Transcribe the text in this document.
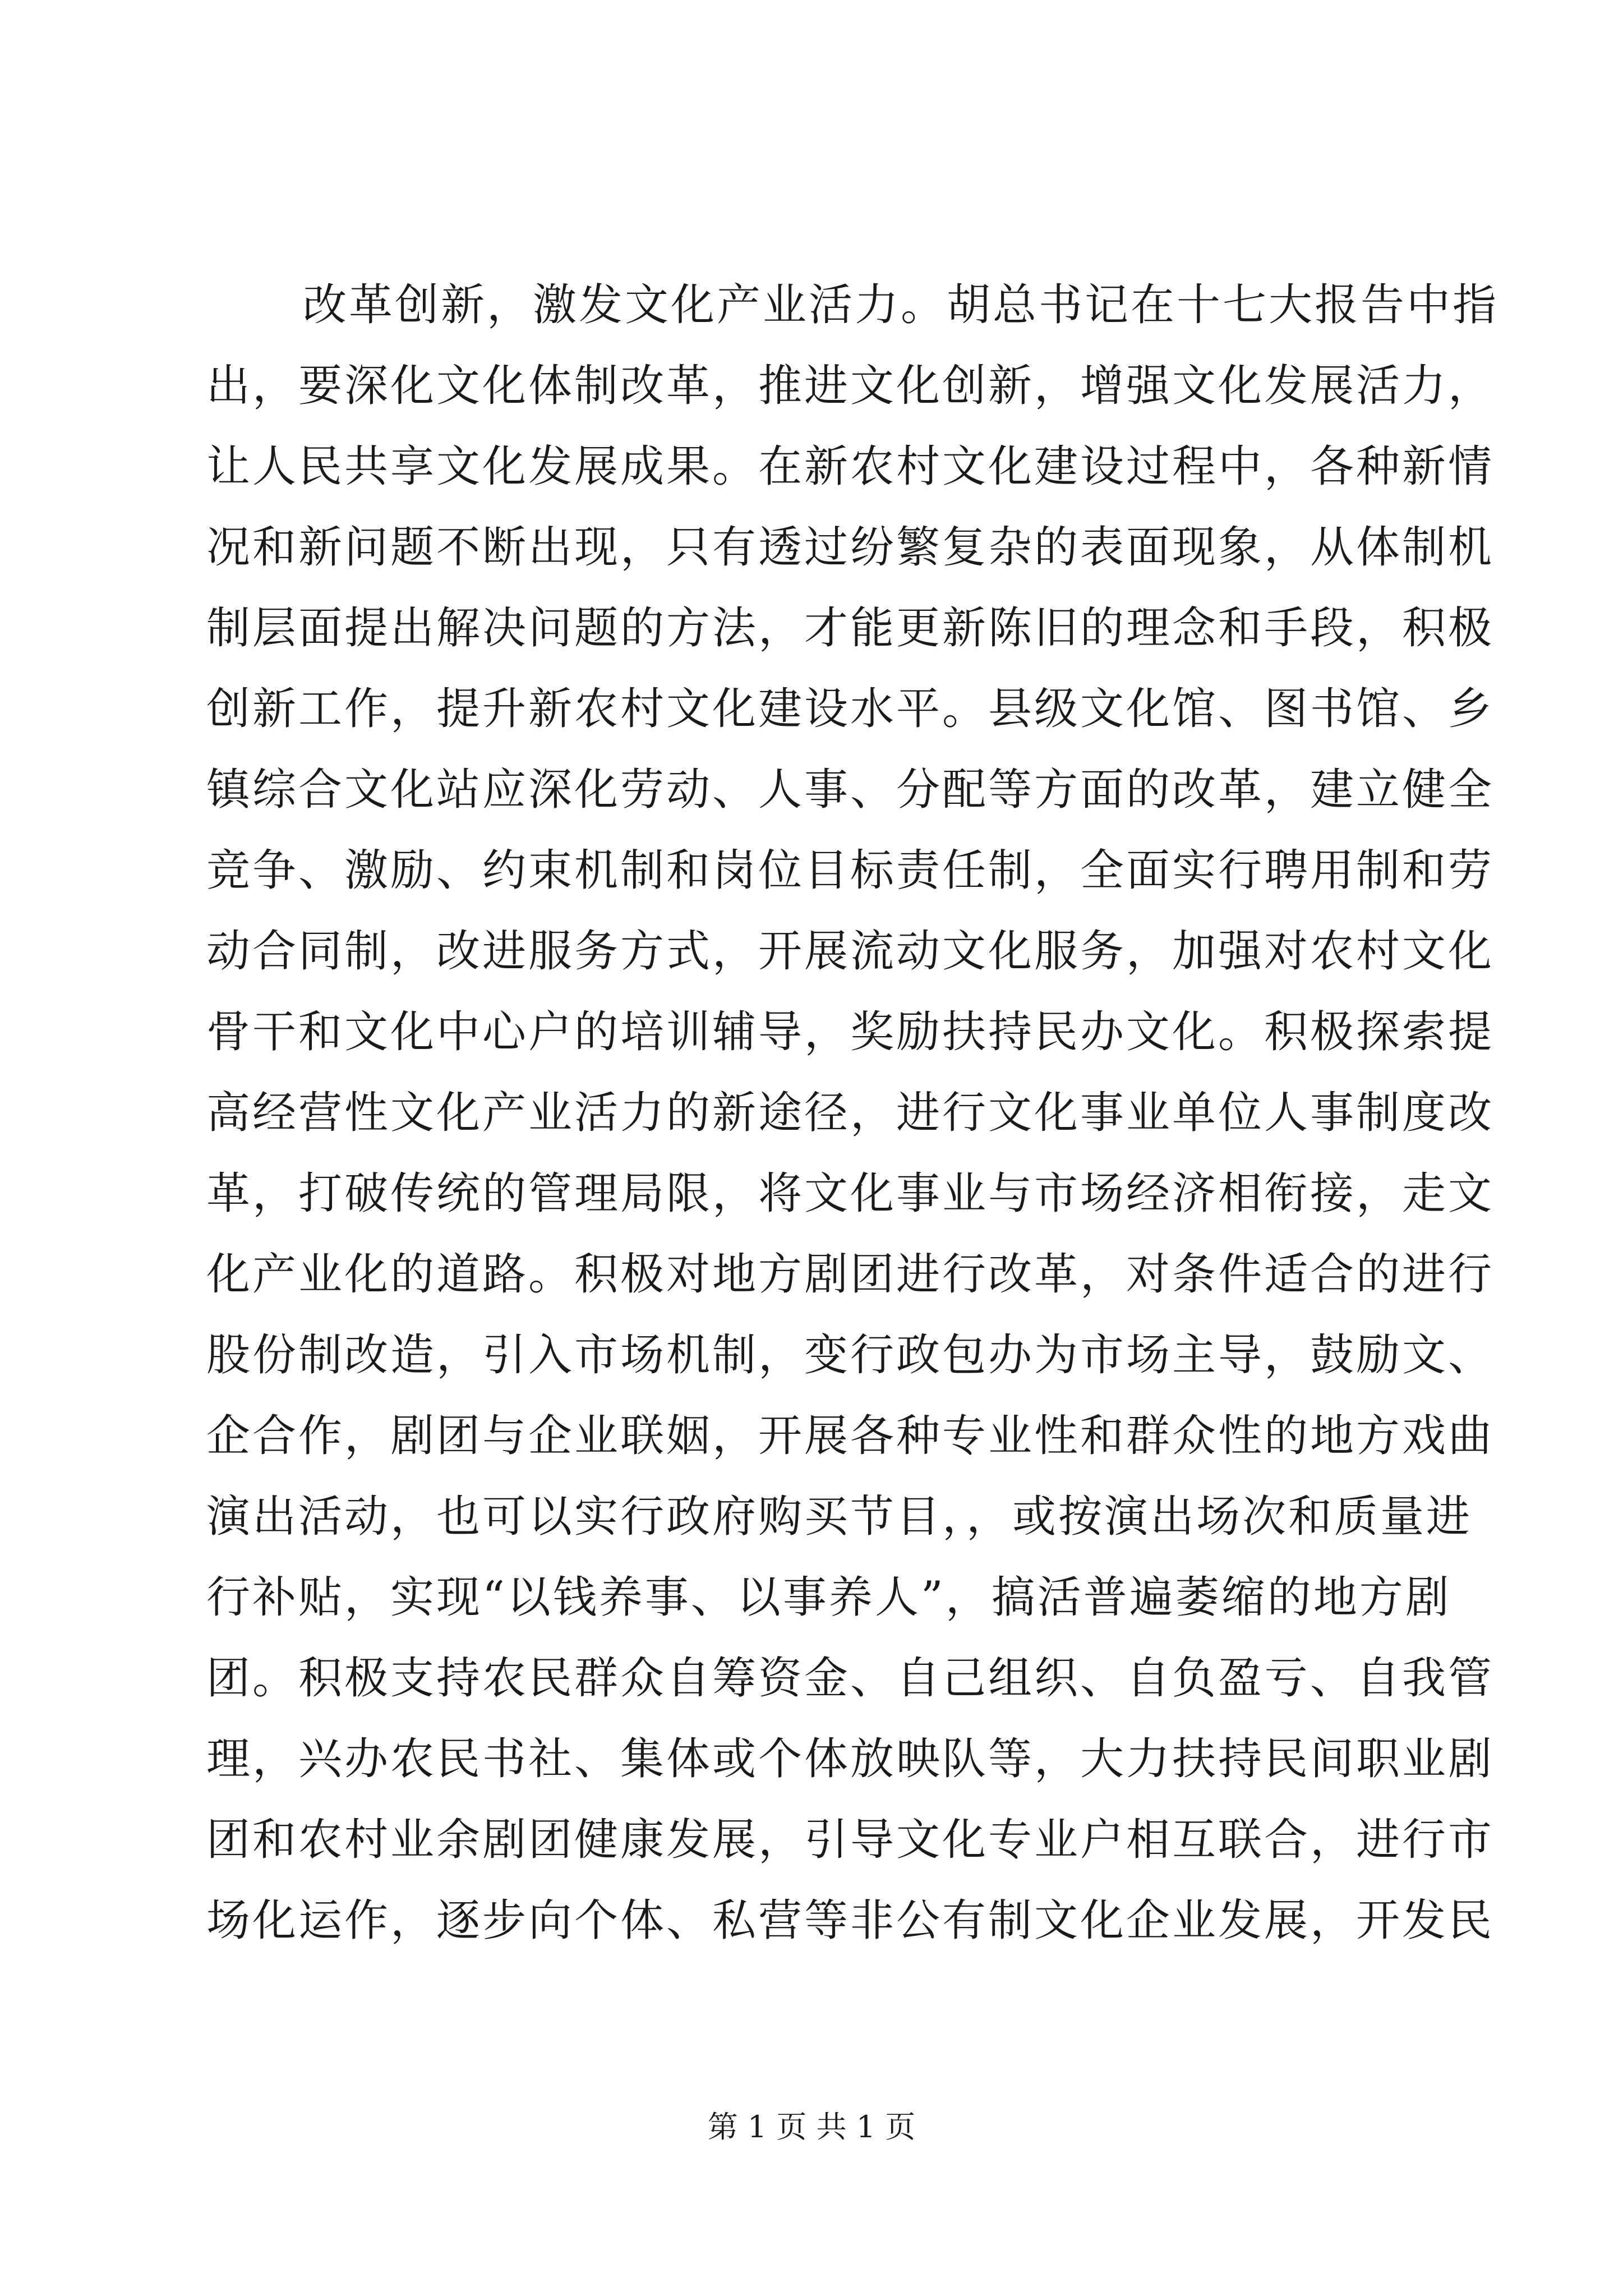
改革创新，激发文化产业活力。胡总书记在十七大报告中指
出，要深化文化体制改革，推进文化创新，增强文化发展活力，
让人民共享文化发展成果。在新农村文化建设过程中，各种新情
况和新问题不断出现，只有透过纷繁复杂的表面现象，从体制机
制层面提出解决问题的方法，才能更新陈旧的理念和手段，积极
创新工作，提升新农村文化建设水平。县级文化馆、图书馆、乡
镇综合文化站应深化劳动、人事、分配等方面的改革，建立健全
竞争、激励、约束机制和岗位目标责任制，全面实行聘用制和劳
动合同制，改进服务方式，开展流动文化服务，加强对农村文化
骨干和文化中心户的培训辅导，奖励扶持民办文化。积极探索提
高经营性文化产业活力的新途径，进行文化事业单位人事制度改
革，打破传统的管理局限，将文化事业与市场经济相衔接，走文
化产业化的道路。积极对地方剧团进行改革，对条件适合的进行
股份制改造，引入市场机制，变行政包办为市场主导，鼓励文、
企合作，剧团与企业联姻，开展各种专业性和群众性的地方戏曲
演出活动，也可以实行政府购买节目，，或按演出场次和质量进
行补贴，实现“以钱养事、以事养人”，搞活普遍萎缩的地方剧
团。积极支持农民群众自筹资金、自己组织、自负盈亏、自我管
理，兴办农民书社、集体或个体放映队等，大力扶持民间职业剧
团和农村业余剧团健康发展，引导文化专业户相互联合，进行市
场化运作，逐步向个体、私营等非公有制文化企业发展，开发民
第 1 页 共 1 页
